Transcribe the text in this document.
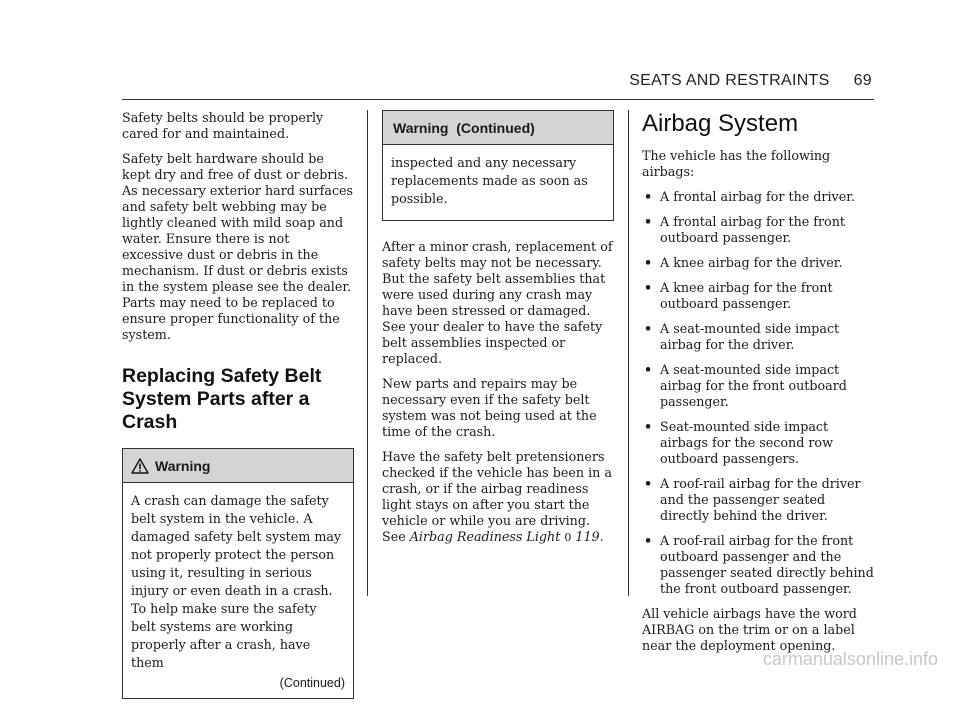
SEATS AND RESTRAINTS 69

Safety belts should be properly cared for and maintained.

Safety belt hardware should be kept dry and free of dust or debris. As necessary exterior hard surfaces and safety belt webbing may be lightly cleaned with mild soap and water. Ensure there is not excessive dust or debris in the mechanism. If dust or debris exists in the system please see the dealer. Parts may need to be replaced to ensure proper functionality of the system.

Replacing Safety Belt System Parts after a Crash
Warning

A crash can damage the safety belt system in the vehicle. A damaged safety belt system may not properly protect the person using it, resulting in serious injury or even death in a crash. To help make sure the safety belt systems are working properly after a crash, have them

(Continued)
Warning  (Continued)

inspected and any necessary replacements made as soon as possible.

After a minor crash, replacement of safety belts may not be necessary. But the safety belt assemblies that were used during any crash may have been stressed or damaged. See your dealer to have the safety belt assemblies inspected or replaced.

New parts and repairs may be necessary even if the safety belt system was not being used at the time of the crash.

Have the safety belt pretensioners checked if the vehicle has been in a crash, or if the airbag readiness light stays on after you start the vehicle or while you are driving. See Airbag Readiness Light 0 119.

Airbag System

The vehicle has the following airbags:

• A frontal airbag for the driver.
• A frontal airbag for the front outboard passenger.
• A knee airbag for the driver.
• A knee airbag for the front outboard passenger.
• A seat-mounted side impact airbag for the driver.
• A seat-mounted side impact airbag for the front outboard passenger.
• Seat-mounted side impact airbags for the second row outboard passengers.
• A roof-rail airbag for the driver and the passenger seated directly behind the driver.
• A roof-rail airbag for the front outboard passenger and the passenger seated directly behind the front outboard passenger.

All vehicle airbags have the word AIRBAG on the trim or on a label near the deployment opening.

carmanualsonline.info
